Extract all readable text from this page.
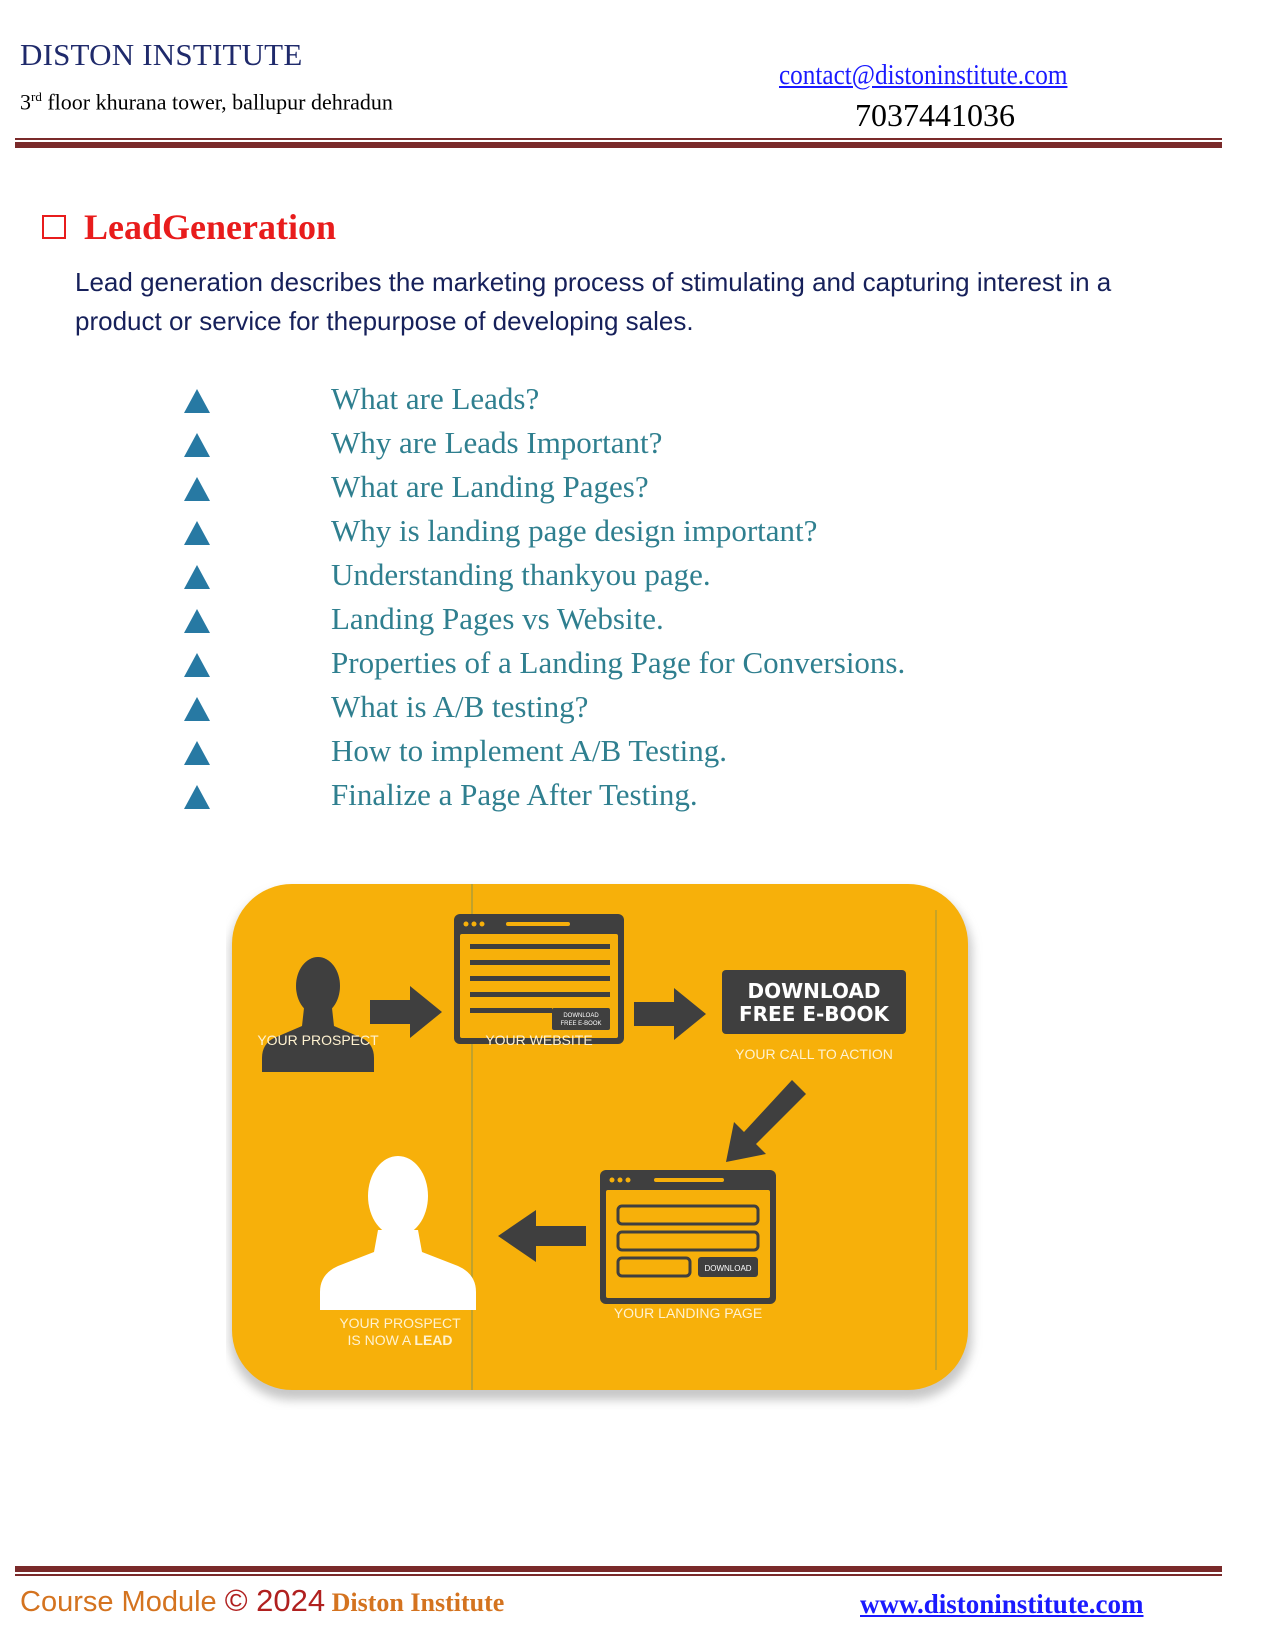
DISTON INSTITUTE
3rd floor khurana tower, ballupur dehradun
contact@distoninstitute.com
7037441036
LeadGeneration
Lead generation describes the marketing process of stimulating and capturing interest in a product or service for thepurpose of developing sales.
What are Leads?
Why are Leads Important?
What are Landing Pages?
Why is landing page design important?
Understanding thankyou page.
Landing Pages vs Website.
Properties of a Landing Page for Conversions.
What is A/B testing?
How to implement A/B Testing.
Finalize a Page After Testing.
YOUR PROSPECT
DOWNLOAD
FREE E-BOOK
YOUR WEBSITE
DOWNLOAD
FREE E-BOOK
YOUR CALL TO ACTION
DOWNLOAD
YOUR LANDING PAGE
YOUR PROSPECT
IS NOW A LEAD
Course Module © 2024 Diston Institute	www.distoninstitute.com
